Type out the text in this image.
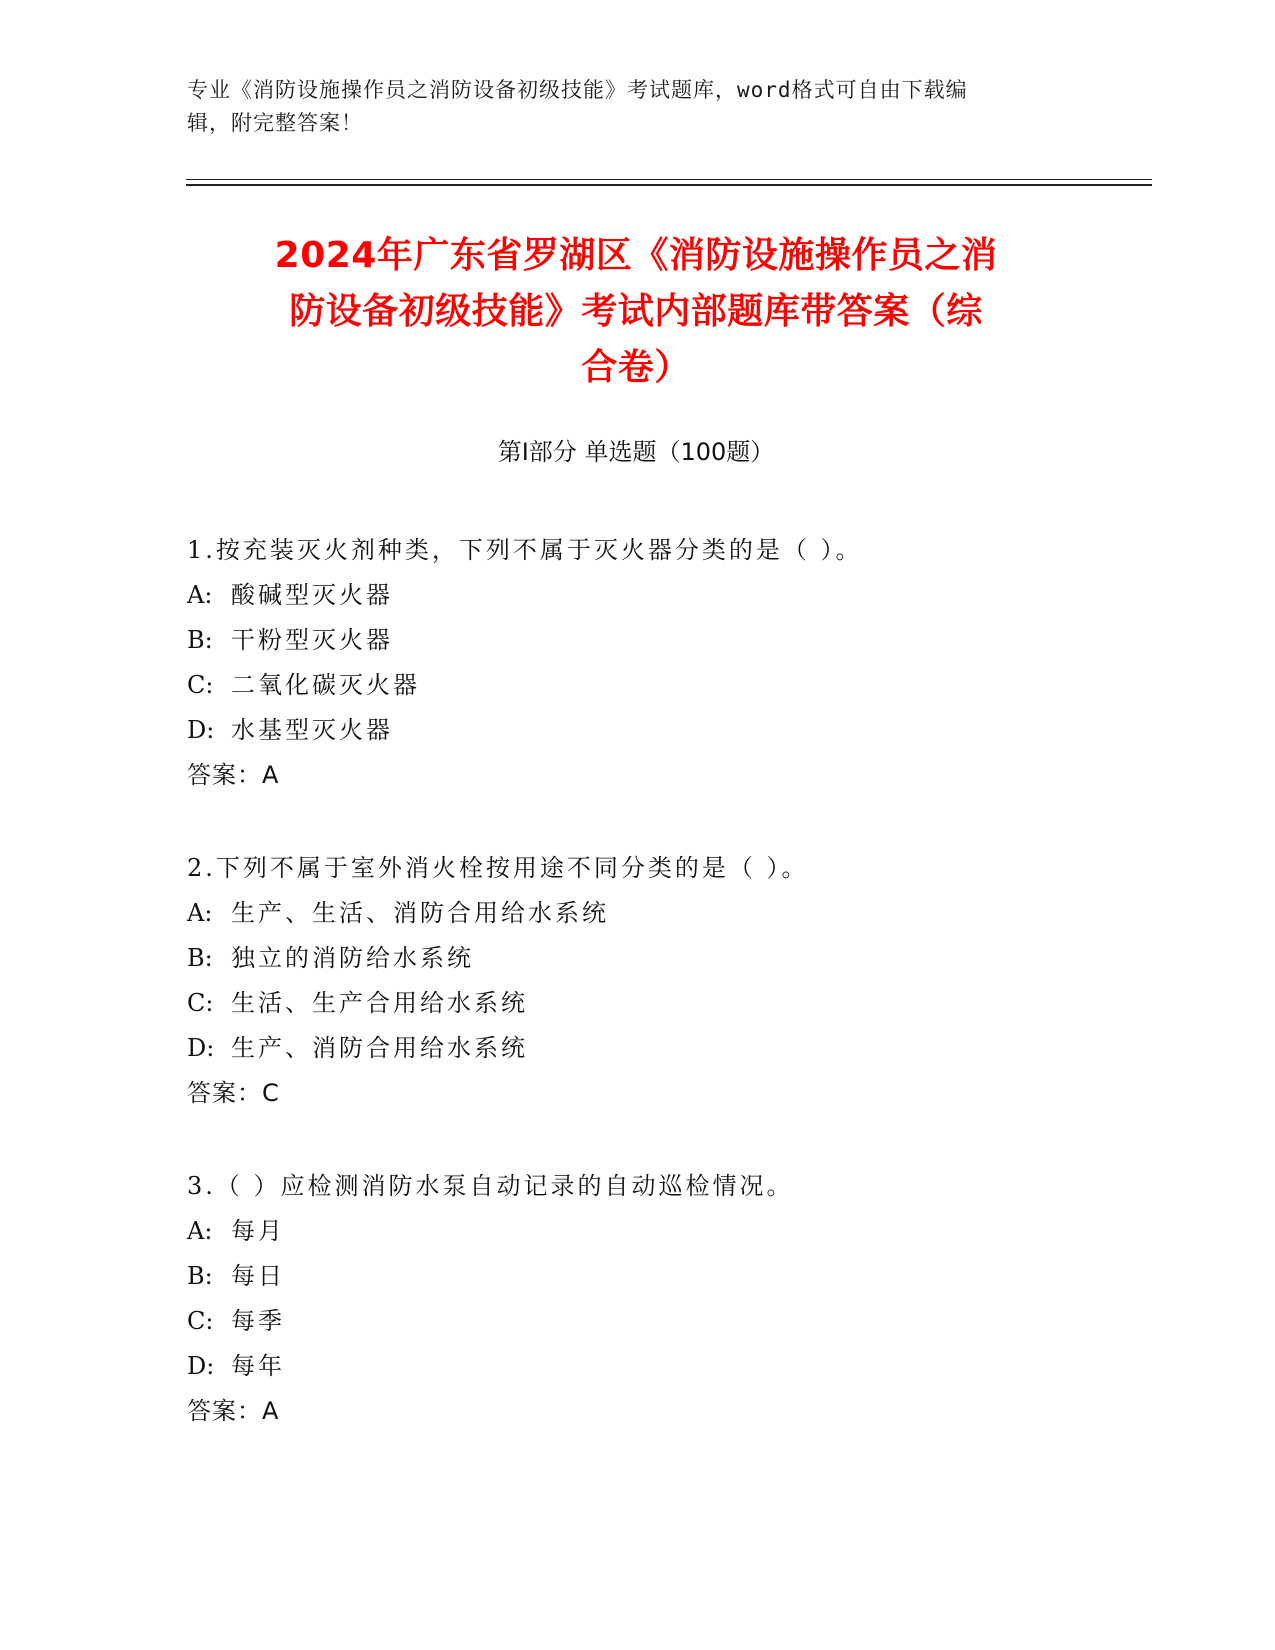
专业《消防设施操作员之消防设备初级技能》考试题库，word格式可自由下载编
辑，附完整答案！
2024年广东省罗湖区《消防设施操作员之消
防设备初级技能》考试内部题库带答案（综
合卷）
第Ⅰ部分 单选题（100题）
1.按充装灭火剂种类，下列不属于灭火器分类的是（ ）。
A: 酸碱型灭火器
B: 干粉型灭火器
C: 二氧化碳灭火器
D: 水基型灭火器
答案：A
2.下列不属于室外消火栓按用途不同分类的是（ ）。
A: 生产、生活、消防合用给水系统
B: 独立的消防给水系统
C: 生活、生产合用给水系统
D: 生产、消防合用给水系统
答案：C
3.（ ）应检测消防水泵自动记录的自动巡检情况。
A: 每月
B: 每日
C: 每季
D: 每年
答案：A
